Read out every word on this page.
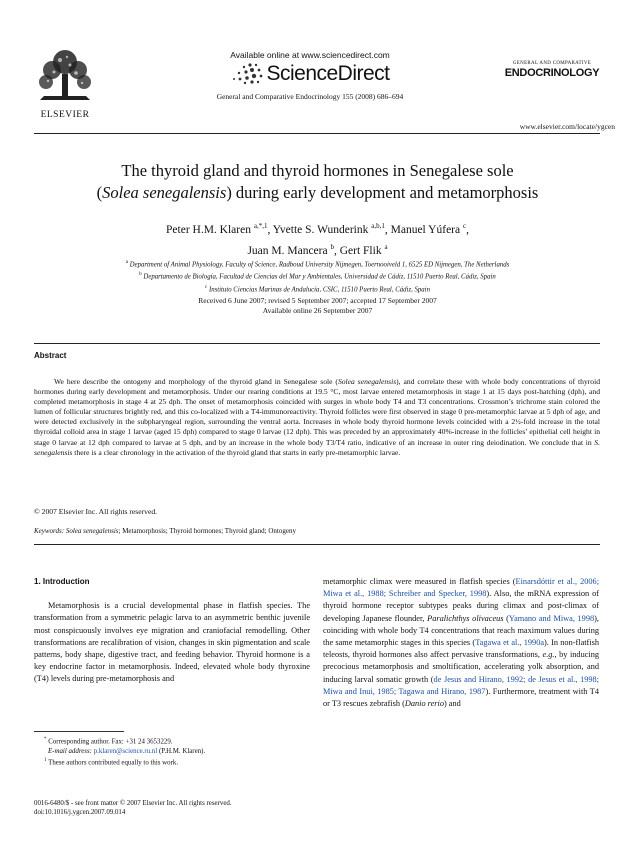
ELSEVIER
Available online at www.sciencedirect.com
ScienceDirect
General and Comparative Endocrinology 155 (2008) 686–694
GENERAL AND COMPARATIVE
ENDOCRINOLOGY
www.elsevier.com/locate/ygcen
The thyroid gland and thyroid hormones in Senegalese sole
(Solea senegalensis) during early development and metamorphosis
Peter H.M. Klaren $^{a,*,1}$, Yvette S. Wunderink $^{a,b,1}$, Manuel Yúfera $^c$,
Juan M. Mancera $^b$, Gert Flik $^a$
$^a$ Department of Animal Physiology, Faculty of Science, Radboud University Nijmegen, Toernooiveld 1, 6525 ED Nijmegen, The Netherlands
$^b$ Departamento de Biología, Facultad de Ciencias del Mar y Ambientales, Universidad de Cádiz, 11510 Puerto Real, Cádiz, Spain
$^c$ Instituto Ciencias Marinas de Andalucía, CSIC, 11510 Puerto Real, Cádiz, Spain
Received 6 June 2007; revised 5 September 2007; accepted 17 September 2007
Available online 26 September 2007
Abstract
We here describe the ontogeny and morphology of the thyroid gland in Senegalese sole (Solea senegalensis), and correlate these with whole body concentrations of thyroid hormones during early development and metamorphosis. Under our rearing conditions at 19.5 °C, most larvae entered metamorphosis in stage 1 at 15 days post-hatching (dph), and completed metamorphosis in stage 4 at 25 dph. The onset of metamorphosis coincided with surges in whole body T4 and T3 concentrations. Crossmon’s trichrome stain colored the lumen of follicular structures brightly red, and this co-localized with a T4-immunoreactivity. Thyroid follicles were first observed in stage 0 pre-metamorphic larvae at 5 dph of age, and were detected exclusively in the subpharyngeal region, surrounding the ventral aorta. Increases in whole body thyroid hormone levels coincided with a 2½-fold increase in the total thyroidal colloid area in stage 1 larvae (aged 15 dph) compared to stage 0 larvae (12 dph). This was preceded by an approximately 40%-increase in the follicles’ epithelial cell height in stage 0 larvae at 12 dph compared to larvae at 5 dph, and by an increase in the whole body T3/T4 ratio, indicative of an increase in outer ring deiodination. We conclude that in S. senegalensis there is a clear chronology in the activation of the thyroid gland that starts in early pre-metamorphic larvae.
© 2007 Elsevier Inc. All rights reserved.
Keywords: Solea senegalensis; Metamorphosis; Thyroid hormones; Thyroid gland; Ontogeny
1. Introduction
Metamorphosis is a crucial developmental phase in flatfish species. The transformation from a symmetric pelagic larva to an asymmetric benthic juvenile most conspicuously involves eye migration and craniofacial remodelling. Other transformations are recalibration of vision, changes in skin pigmentation and scale patterns, body shape, digestive tract, and feeding behavior. Thyroid hormone is a key endocrine factor in metamorphosis. Indeed, elevated whole body thyroxine (T4) levels during pre-metamorphosis and
metamorphic climax were measured in flatfish species (Einarsdóttir et al., 2006; Miwa et al., 1988; Schreiber and Specker, 1998). Also, the mRNA expression of thyroid hormone receptor subtypes peaks during climax and post-climax of developing Japanese flounder, Paralichthys olivaceus (Yamano and Miwa, 1998), coinciding with whole body T4 concentrations that reach maximum values during the same metamorphic stages in this species (Tagawa et al., 1990a). In non-flatfish teleosts, thyroid hormones also affect pervasive transformations, e.g., by inducing precocious metamorphosis and smoltification, accelerating yolk absorption, and inducing larval somatic growth (de Jesus and Hirano, 1992; de Jesus et al., 1998; Miwa and Inui, 1985; Tagawa and Hirano, 1987). Furthermore, treatment with T4 or T3 rescues zebrafish (Danio rerio) and
* Corresponding author. Fax: +31 24 3653229.
E-mail address: p.klaren@science.ru.nl (P.H.M. Klaren).
$^1$ These authors contributed equally to this work.
0016-6480/$ - see front matter © 2007 Elsevier Inc. All rights reserved.
doi:10.1016/j.ygcen.2007.09.014
